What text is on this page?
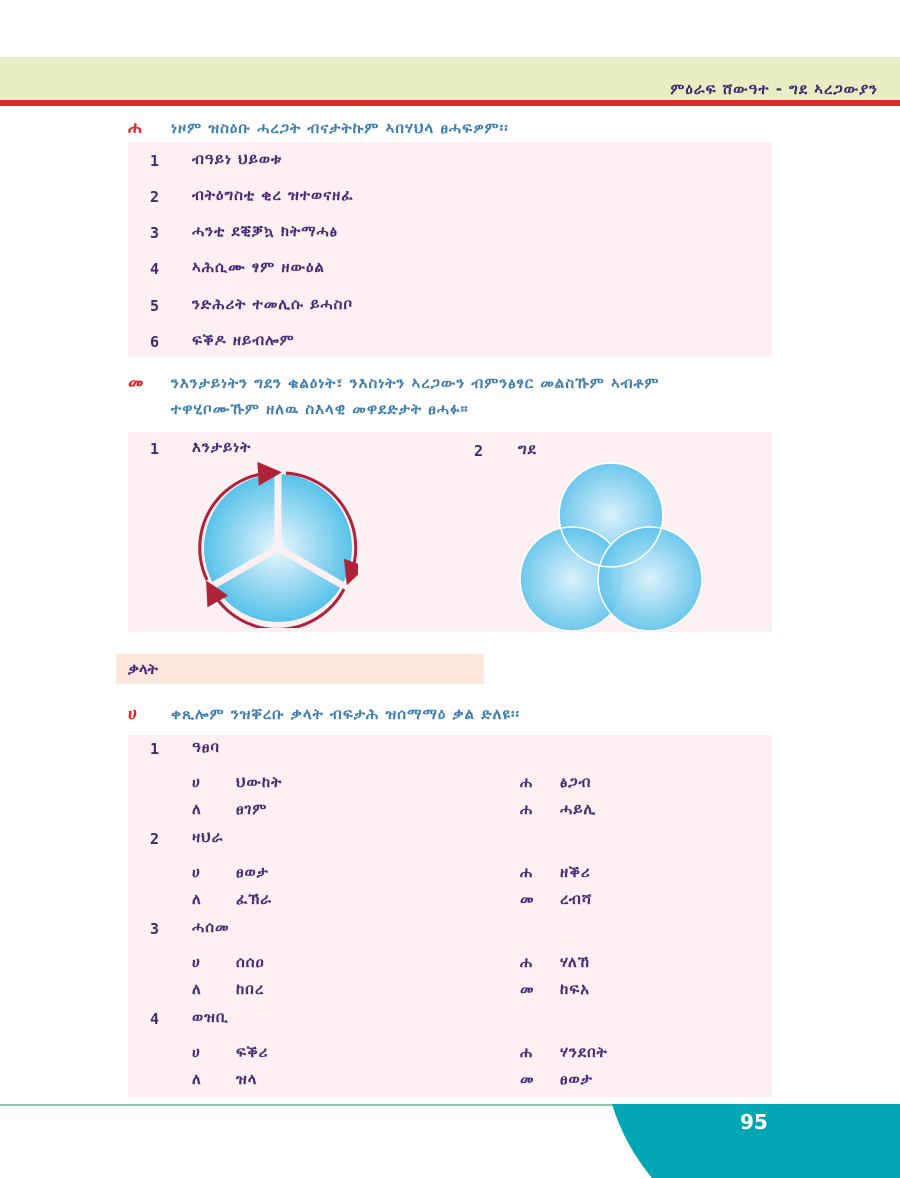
ምዕራፍ ሸውዓተ - ግደ ኣረጋውያን
ሐ ነዞም ዝስዕቡ ሓረጋት ብናታትኩም ኣበሃህላ ፀሓፍዎም፡፡
1 ብዓይነ ህይወቱ
2 ብትዕግስቲ ቂረ ዝተወናዘፈ
3 ሓንቲ ደቒቓኳ ክትማሓፅ
4 ኣሕሲሙ ፃም ዘውዕል
5 ንድሕሪት ተመሊሱ ይሓስቦ
6 ፍቕዶ ዘይብሎም
መ ንእንታይነትን ግደን ቁልዕነት፣ ንእስነትን ኣረጋውን ብምንፅፃር መልስኹም ኣብቶም
ተዋሂቦሙኹም ዘለዉ ስእላዊ መዋደድታት ፀሓፉ።
1 እንታይነት	2 ግደ
ቃላት
ሀ ቀጺሎም ንዝቐረቡ ቃላት ብፍታሕ ዝሰማማዕ ቃል ድለዩ፡፡
1 ዓፀባ
ሀ ህውከት	ሐ ፅጋብ
ለ ፀገም	ሐ ሓይሊ
2 ዛህራ
ሀ ፀወታ	ሐ ዘቕሪ
ለ ፈኽራ	መ ረብሻ
3 ሓሰመ
ሀ ሰሰዐ	ሐ ሃለኸ
ለ ከበረ	መ ከፍአ
4 ወዝቢ
ሀ ፍቕሪ	ሐ ሃንደበት
ለ ዝላ	መ ፀወታ
95
